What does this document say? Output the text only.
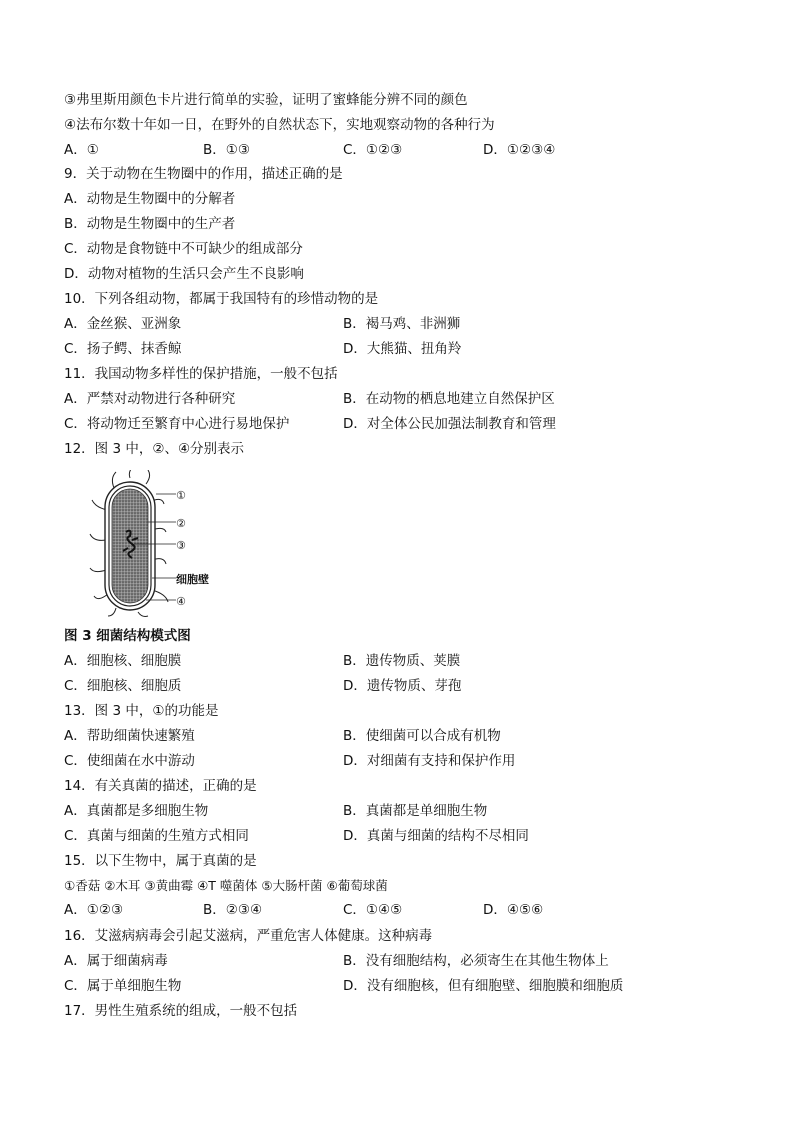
③弗里斯用颜色卡片进行简单的实验，证明了蜜蜂能分辨不同的颜色
④法布尔数十年如一日，在野外的自然状态下，实地观察动物的各种行为
A．①	B．①③	C．①②③	D．①②③④
9．关于动物在生物圈中的作用，描述正确的是
A．动物是生物圈中的分解者
B．动物是生物圈中的生产者
C．动物是食物链中不可缺少的组成部分
D．动物对植物的生活只会产生不良影响
10．下列各组动物，都属于我国特有的珍惜动物的是
A．金丝猴、亚洲象	B．褐马鸡、非洲狮
C．扬子鳄、抹香鲸	D．大熊猫、扭角羚
11．我国动物多样性的保护措施，一般不包括
A．严禁对动物进行各种研究	B．在动物的栖息地建立自然保护区
C．将动物迁至繁育中心进行易地保护	D．对全体公民加强法制教育和管理
12．图 3 中，②、④分别表示
①
②
③
细胞壁
④
图 3 细菌结构模式图
A．细胞核、细胞膜	B．遗传物质、荚膜
C．细胞核、细胞质	D．遗传物质、芽孢
13．图 3 中，①的功能是
A．帮助细菌快速繁殖	B．使细菌可以合成有机物
C．使细菌在水中游动	D．对细菌有支持和保护作用
14．有关真菌的描述，正确的是
A．真菌都是多细胞生物	B．真菌都是单细胞生物
C．真菌与细菌的生殖方式相同	D．真菌与细菌的结构不尽相同
15．以下生物中，属于真菌的是
①香菇 ②木耳 ③黄曲霉 ④T 噬菌体 ⑤大肠杆菌 ⑥葡萄球菌
A．①②③	B．②③④	C．①④⑤	D．④⑤⑥
16．艾滋病病毒会引起艾滋病，严重危害人体健康。这种病毒
A．属于细菌病毒	B．没有细胞结构，必须寄生在其他生物体上
C．属于单细胞生物	D．没有细胞核，但有细胞壁、细胞膜和细胞质
17．男性生殖系统的组成，一般不包括
